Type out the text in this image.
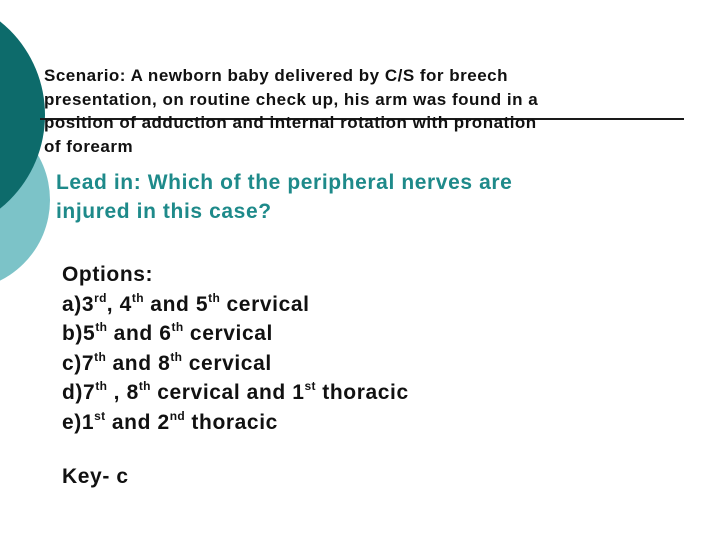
Scenario: A newborn baby delivered by C/S for breech
presentation, on routine check up, his arm was found in a
position of adduction and internal rotation with pronation
of forearm
Lead in: Which of the peripheral nerves are
injured in this case?
Options:
a)3rd, 4th and 5th cervical
b)5th and 6th cervical
c)7th and 8th cervical
d)7th , 8th cervical and 1st thoracic
e)1st and 2nd thoracic
Key- c
